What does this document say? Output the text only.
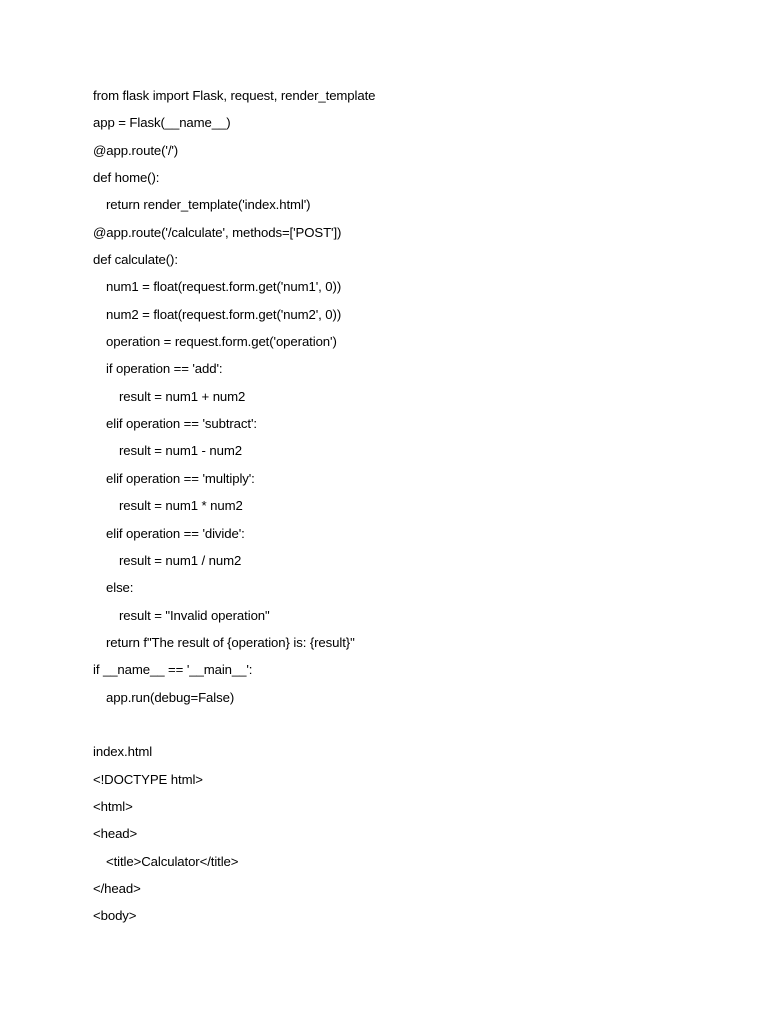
from flask import Flask, request, render_template
app = Flask(__name__)
@app.route('/')
def home():
return render_template('index.html')
@app.route('/calculate', methods=['POST'])
def calculate():
num1 = float(request.form.get('num1', 0))
num2 = float(request.form.get('num2', 0))
operation = request.form.get('operation')
if operation == 'add':
result = num1 + num2
elif operation == 'subtract':
result = num1 - num2
elif operation == 'multiply':
result = num1 * num2
elif operation == 'divide':
result = num1 / num2
else:
result = "Invalid operation"
return f"The result of {operation} is: {result}"
if __name__ == '__main__':
app.run(debug=False)
index.html
<!DOCTYPE html>
<html>
<head>
<title>Calculator</title>
</head>
<body>
